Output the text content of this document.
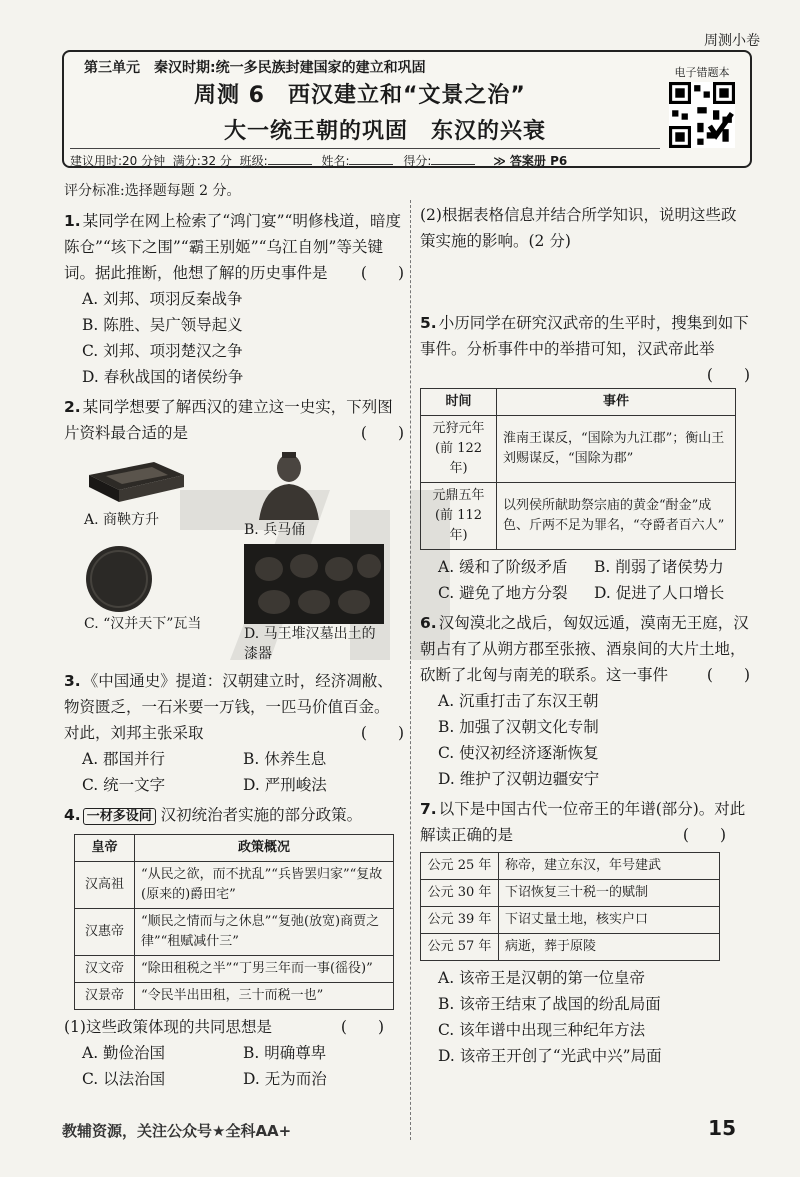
周测小卷
第三单元　秦汉时期:统一多民族封建国家的建立和巩固
周测 6　西汉建立和“文景之治”
大一统王朝的巩固　东汉的兴衰
建议用时:20 分钟 满分:32 分 班级:	姓名:	得分:	≫ 答案册 P6
电子错题本
评分标准:选择题每题 2 分。
1. 某同学在网上检索了“鸿门宴”“明修栈道，暗度陈仓”“垓下之围”“霸王别姬”“乌江自刎”等关键词。据此推断，他想了解的历史事件是 (　　)
A. 刘邦、项羽反秦战争
B. 陈胜、吴广领导起义
C. 刘邦、项羽楚汉之争
D. 春秋战国的诸侯纷争
2. 某同学想要了解西汉的建立这一史实，下列图片资料最合适的是	(　　)
A. 商鞅方升
B. 兵马俑
C. “汉并天下”瓦当
D. 马王堆汉墓出土的漆器
3. 《中国通史》提道：汉朝建立时，经济凋敝、物资匮乏，一石米要一万钱，一匹马价值百金。对此，刘邦主张采取	(　　)
A. 郡国并行	B. 休养生息
C. 统一文字	D. 严刑峻法
4. 一材多设问 汉初统治者实施的部分政策。
皇帝	政策概况
汉高祖	“从民之欲，而不扰乱”“兵皆罢归家”“复故(原来的)爵田宅”
汉惠帝	“顺民之情而与之休息”“复弛(放宽)商贾之律”“租赋减什三”
汉文帝	“除田租税之半”“丁男三年而一事(徭役)”
汉景帝	“令民半出田租，三十而税一也”
(1)这些政策体现的共同思想是	(　　)
A. 勤俭治国	B. 明确尊卑
C. 以法治国	D. 无为而治
(2)根据表格信息并结合所学知识，说明这些政策实施的影响。(2 分)
5. 小历同学在研究汉武帝的生平时，搜集到如下事件。分析事件中的举措可知，汉武帝此举
(　　)
时间	事件
元狩元年(前 122 年)	淮南王谋反，“国除为九江郡”；衡山王刘赐谋反，“国除为郡”
元鼎五年(前 112 年)	以列侯所献助祭宗庙的黄金“酎金”成色、斤两不足为罪名，“夺爵者百六人”
A. 缓和了阶级矛盾	B. 削弱了诸侯势力
C. 避免了地方分裂	D. 促进了人口增长
6. 汉匈漠北之战后，匈奴远遁，漠南无王庭，汉朝占有了从朔方郡至张掖、酒泉间的大片土地，砍断了北匈与南羌的联系。这一事件	(　　)
A. 沉重打击了东汉王朝
B. 加强了汉朝文化专制
C. 使汉初经济逐渐恢复
D. 维护了汉朝边疆安宁
7. 以下是中国古代一位帝王的年谱(部分)。对此解读正确的是	(　　)
公元 25 年	称帝，建立东汉，年号建武
公元 30 年	下诏恢复三十税一的赋制
公元 39 年	下诏丈量土地，核实户口
公元 57 年	病逝，葬于原陵
A. 该帝王是汉朝的第一位皇帝
B. 该帝王结束了战国的纷乱局面
C. 该年谱中出现三种纪年方法
D. 该帝王开创了“光武中兴”局面
教辅资源，关注公众号★全科AA+	15
